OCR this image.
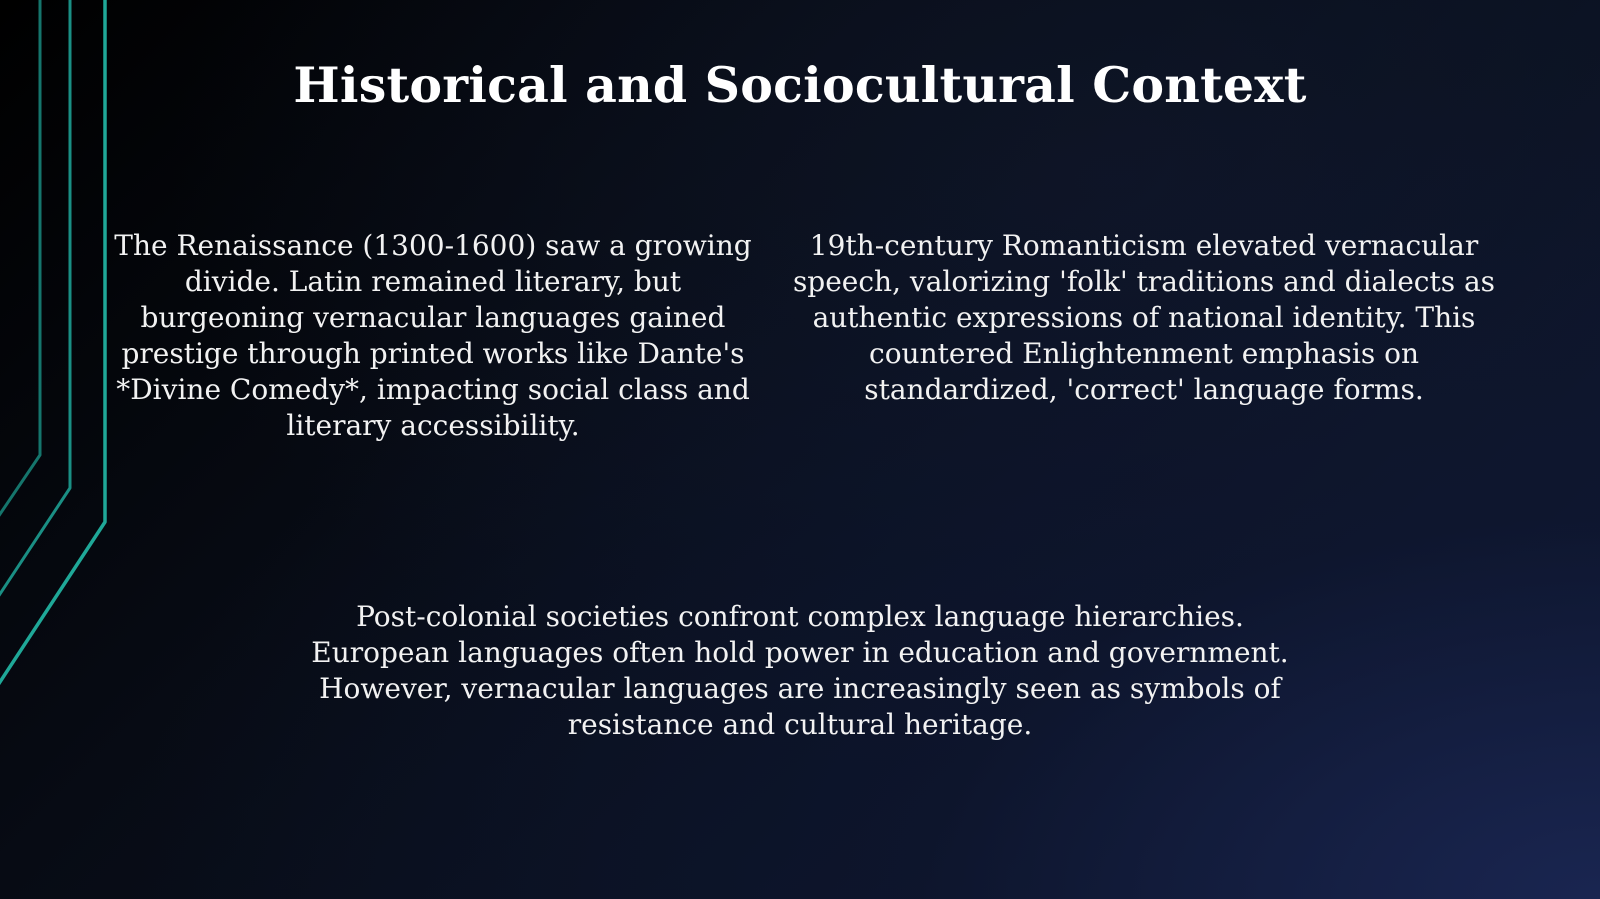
Historical and Sociocultural Context
The Renaissance (1300-1600) saw a growing divide. Latin remained literary, but burgeoning vernacular languages gained prestige through printed works like Dante's *Divine Comedy*, impacting social class and literary accessibility.
19th-century Romanticism elevated vernacular speech, valorizing 'folk' traditions and dialects as authentic expressions of national identity. This countered Enlightenment emphasis on standardized, 'correct' language forms.
Post-colonial societies confront complex language hierarchies. European languages often hold power in education and government. However, vernacular languages are increasingly seen as symbols of resistance and cultural heritage.
